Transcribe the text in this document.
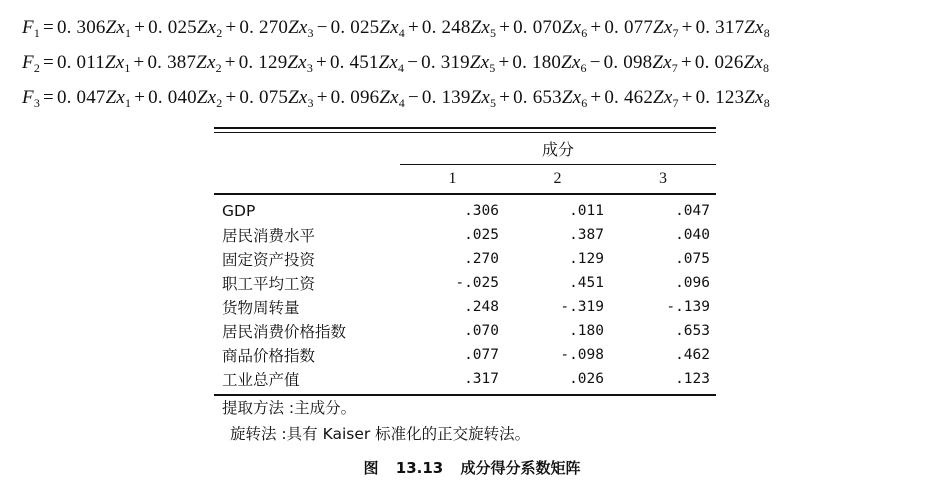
$F_1 = 0$. $306Zx_1 + 0$. $025Zx_2 + 0$. $270Zx_3 - 0$. $025Zx_4 + 0$. $248Zx_5 + 0$. $070Zx_6 + 0$. $077Zx_7 + 0$. $317Zx_8$
$F_2 = 0$. $011Zx_1 + 0$. $387Zx_2 + 0$. $129Zx_3 + 0$. $451Zx_4 - 0$. $319Zx_5 + 0$. $180Zx_6 - 0$. $098Zx_7 + 0$. $026Zx_8$
$F_3 = 0$. $047Zx_1 + 0$. $040Zx_2 + 0$. $075Zx_3 + 0$. $096Zx_4 - 0$. $139Zx_5 + 0$. $653Zx_6 + 0$. $462Zx_7 + 0$. $123Zx_8$
成分
1	2	3
GDP	.306	.011	.047
居民消费水平	.025	.387	.040
固定资产投资	.270	.129	.075
职工平均工资	-.025	.451	.096
货物周转量	.248	-.319	-.139
居民消费价格指数	.070	.180	.653
商品价格指数	.077	-.098	.462
工业总产值	.317	.026	.123
提取方法 :主成分。
旋转法 :具有 Kaiser 标准化的正交旋转法。
图 13.13 成分得分系数矩阵
